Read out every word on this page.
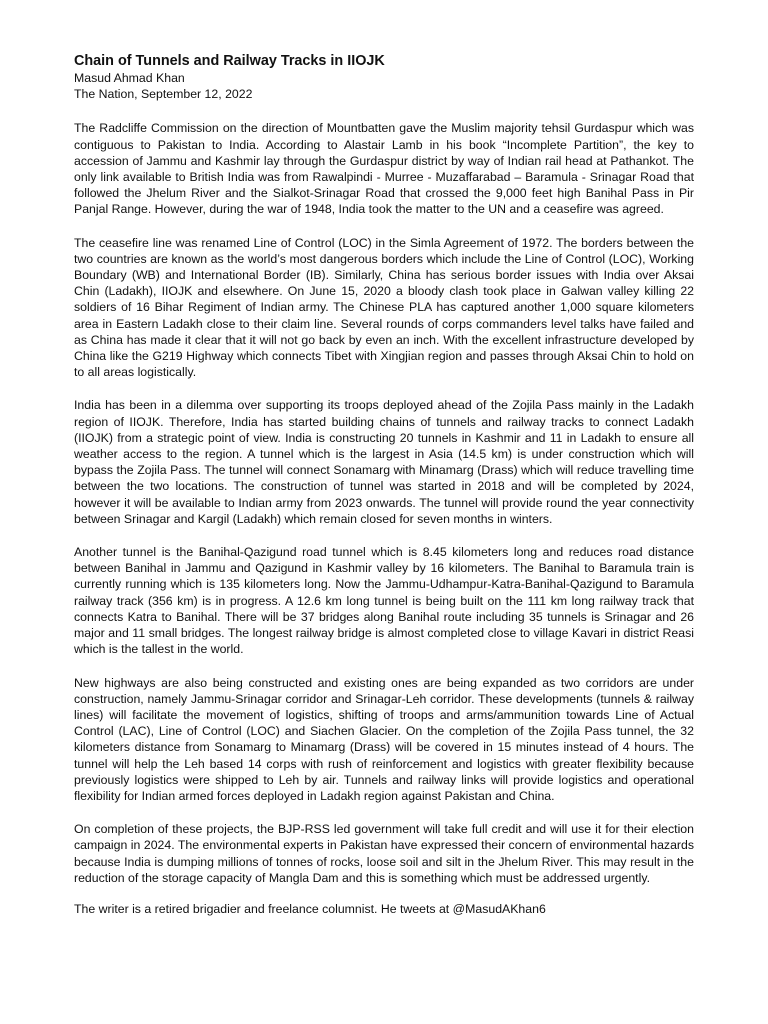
Chain of Tunnels and Railway Tracks in IIOJK

Masud Ahmad Khan

The Nation, September 12, 2022

The Radcliffe Commission on the direction of Mountbatten gave the Muslim majority tehsil Gurdaspur which was contiguous to Pakistan to India. According to Alastair Lamb in his book “Incomplete Partition”, the key to accession of Jammu and Kashmir lay through the Gurdaspur district by way of Indian rail head at Pathankot. The only link available to British India was from Rawalpindi - Murree - Muzaffarabad – Baramula - Srinagar Road that followed the Jhelum River and the Sialkot-Srinagar Road that crossed the 9,000 feet high Banihal Pass in Pir Panjal Range. However, during the war of 1948, India took the matter to the UN and a ceasefire was agreed.

The ceasefire line was renamed Line of Control (LOC) in the Simla Agreement of 1972. The borders between the two countries are known as the world’s most dangerous borders which include the Line of Control (LOC), Working Boundary (WB) and International Border (IB). Similarly, China has serious border issues with India over Aksai Chin (Ladakh), IIOJK and elsewhere. On June 15, 2020 a bloody clash took place in Galwan valley killing 22 soldiers of 16 Bihar Regiment of Indian army. The Chinese PLA has captured another 1,000 square kilometers area in Eastern Ladakh close to their claim line. Several rounds of corps commanders level talks have failed and as China has made it clear that it will not go back by even an inch. With the excellent infrastructure developed by China like the G219 Highway which connects Tibet with Xingjian region and passes through Aksai Chin to hold on to all areas logistically.

India has been in a dilemma over supporting its troops deployed ahead of the Zojila Pass mainly in the Ladakh region of IIOJK. Therefore, India has started building chains of tunnels and railway tracks to connect Ladakh (IIOJK) from a strategic point of view. India is constructing 20 tunnels in Kashmir and 11 in Ladakh to ensure all weather access to the region. A tunnel which is the largest in Asia (14.5 km) is under construction which will bypass the Zojila Pass. The tunnel will connect Sonamarg with Minamarg (Drass) which will reduce travelling time between the two locations. The construction of tunnel was started in 2018 and will be completed by 2024, however it will be available to Indian army from 2023 onwards. The tunnel will provide round the year connectivity between Srinagar and Kargil (Ladakh) which remain closed for seven months in winters.

Another tunnel is the Banihal-Qazigund road tunnel which is 8.45 kilometers long and reduces road distance between Banihal in Jammu and Qazigund in Kashmir valley by 16 kilometers. The Banihal to Baramula train is currently running which is 135 kilometers long. Now the Jammu-Udhampur-Katra-Banihal-Qazigund to Baramula railway track (356 km) is in progress. A 12.6 km long tunnel is being built on the 111 km long railway track that connects Katra to Banihal. There will be 37 bridges along Banihal route including 35 tunnels is Srinagar and 26 major and 11 small bridges. The longest railway bridge is almost completed close to village Kavari in district Reasi which is the tallest in the world.

New highways are also being constructed and existing ones are being expanded as two corridors are under construction, namely Jammu-Srinagar corridor and Srinagar-Leh corridor. These developments (tunnels & railway lines) will facilitate the movement of logistics, shifting of troops and arms/ammunition towards Line of Actual Control (LAC), Line of Control (LOC) and Siachen Glacier. On the completion of the Zojila Pass tunnel, the 32 kilometers distance from Sonamarg to Minamarg (Drass) will be covered in 15 minutes instead of 4 hours. The tunnel will help the Leh based 14 corps with rush of reinforcement and logistics with greater flexibility because previously logistics were shipped to Leh by air. Tunnels and railway links will provide logistics and operational flexibility for Indian armed forces deployed in Ladakh region against Pakistan and China.

On completion of these projects, the BJP-RSS led government will take full credit and will use it for their election campaign in 2024. The environmental experts in Pakistan have expressed their concern of environmental hazards because India is dumping millions of tonnes of rocks, loose soil and silt in the Jhelum River. This may result in the reduction of the storage capacity of Mangla Dam and this is something which must be addressed urgently.

The writer is a retired brigadier and freelance columnist. He tweets at @MasudAKhan6
